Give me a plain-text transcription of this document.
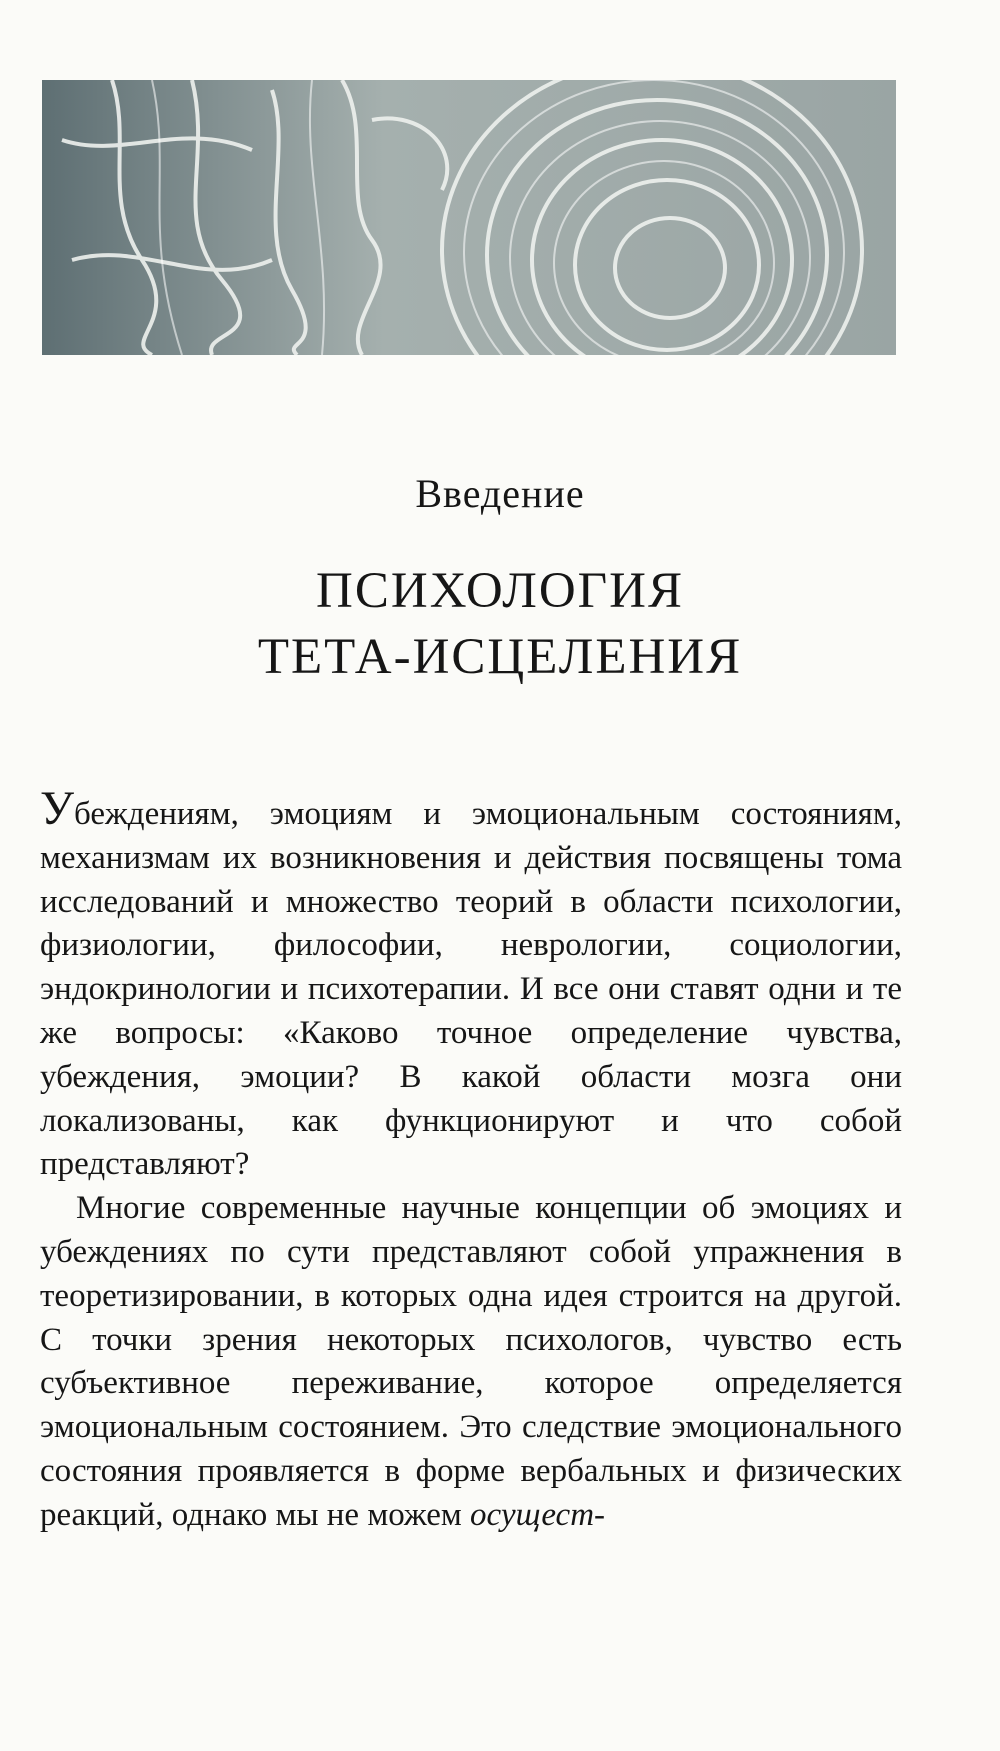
Введение
ПСИХОЛОГИЯ
ТЕТА-ИСЦЕЛЕНИЯ

Убеждениям, эмоциям и эмоциональным состояниям, механизмам их возникновения и действия посвящены тома исследований и множество теорий в области психологии, физиологии, философии, неврологии, социологии, эндокринологии и психотерапии. И все они ставят одни и те же вопросы: «Каково точное определение чувства, убеждения, эмоции? В какой области мозга они локализованы, как функционируют и что собой представляют?

Многие современные научные концепции об эмоциях и убеждениях по сути представляют собой упражнения в теоретизировании, в которых одна идея строится на другой. С точки зрения некоторых психологов, чувство есть субъективное переживание, которое определяется эмоциональным состоянием. Это следствие эмоционального состояния проявляется в форме вербальных и физических реакций, однако мы не можем осущест-
